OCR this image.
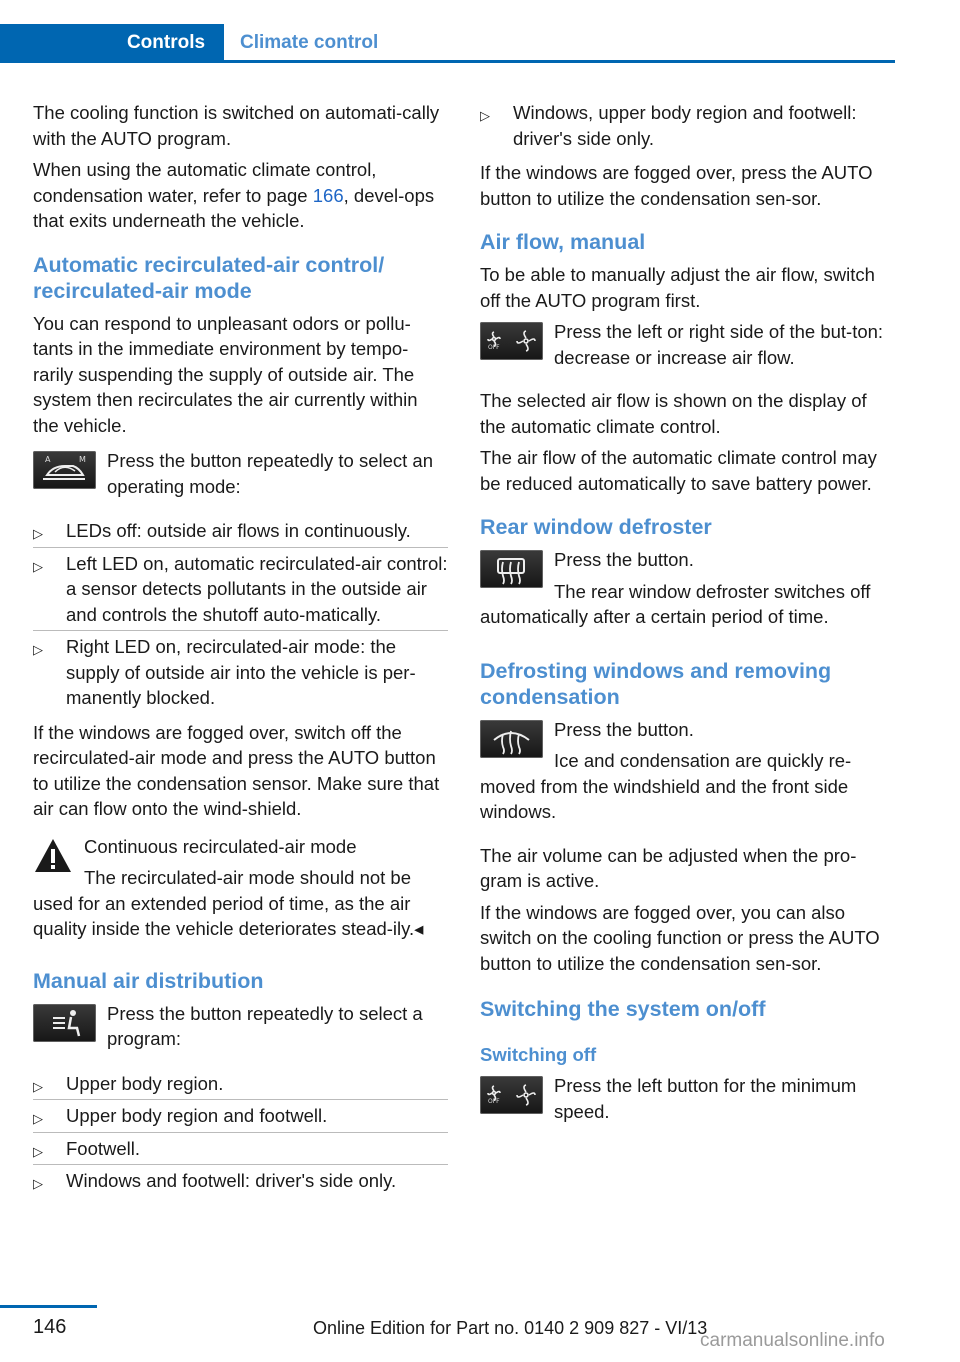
Controls	Climate control

The cooling function is switched on automati-cally with the AUTO program.

When using the automatic climate control, condensation water, refer to page 166, devel-ops that exits underneath the vehicle.

Automatic recirculated-air control/ recirculated-air mode

You can respond to unpleasant odors or pollu-tants in the immediate environment by tempo-rarily suspending the supply of outside air. The system then recirculates the air currently within the vehicle.

A	M	Press the button repeatedly to select an operating mode:

▷ LEDs off: outside air flows in continuously.
▷ Left LED on, automatic recirculated-air control: a sensor detects pollutants in the outside air and controls the shutoff auto-matically.
▷ Right LED on, recirculated-air mode: the supply of outside air into the vehicle is per-manently blocked.

If the windows are fogged over, switch off the recirculated-air mode and press the AUTO button to utilize the condensation sensor. Make sure that air can flow onto the wind-shield.

Continuous recirculated-air mode

The recirculated-air mode should not be used for an extended period of time, as the air quality inside the vehicle deteriorates stead-ily.◂

Manual air distribution

Press the button repeatedly to select a program:

▷ Upper body region.
▷ Upper body region and footwell.
▷ Footwell.
▷ Windows and footwell: driver's side only.
▷ Windows, upper body region and footwell: driver's side only.

If the windows are fogged over, press the AUTO button to utilize the condensation sen-sor.

Air flow, manual

To be able to manually adjust the air flow, switch off the AUTO program first.

OFF

Press the left or right side of the but-ton: decrease or increase air flow.

The selected air flow is shown on the display of the automatic climate control.

The air flow of the automatic climate control may be reduced automatically to save battery power.

Rear window defroster

Press the button.

The rear window defroster switches off automatically after a certain period of time.

Defrosting windows and removing condensation

Press the button.

Ice and condensation are quickly re-moved from the windshield and the front side windows.

The air volume can be adjusted when the pro-gram is active.

If the windows are fogged over, you can also switch on the cooling function or press the AUTO button to utilize the condensation sen-sor.

Switching the system on/off
Switching off
OFF

Press the left button for the minimum speed.

146	Online Edition for Part no. 0140 2 909 827 - VI/13
carmanualsonline.info
